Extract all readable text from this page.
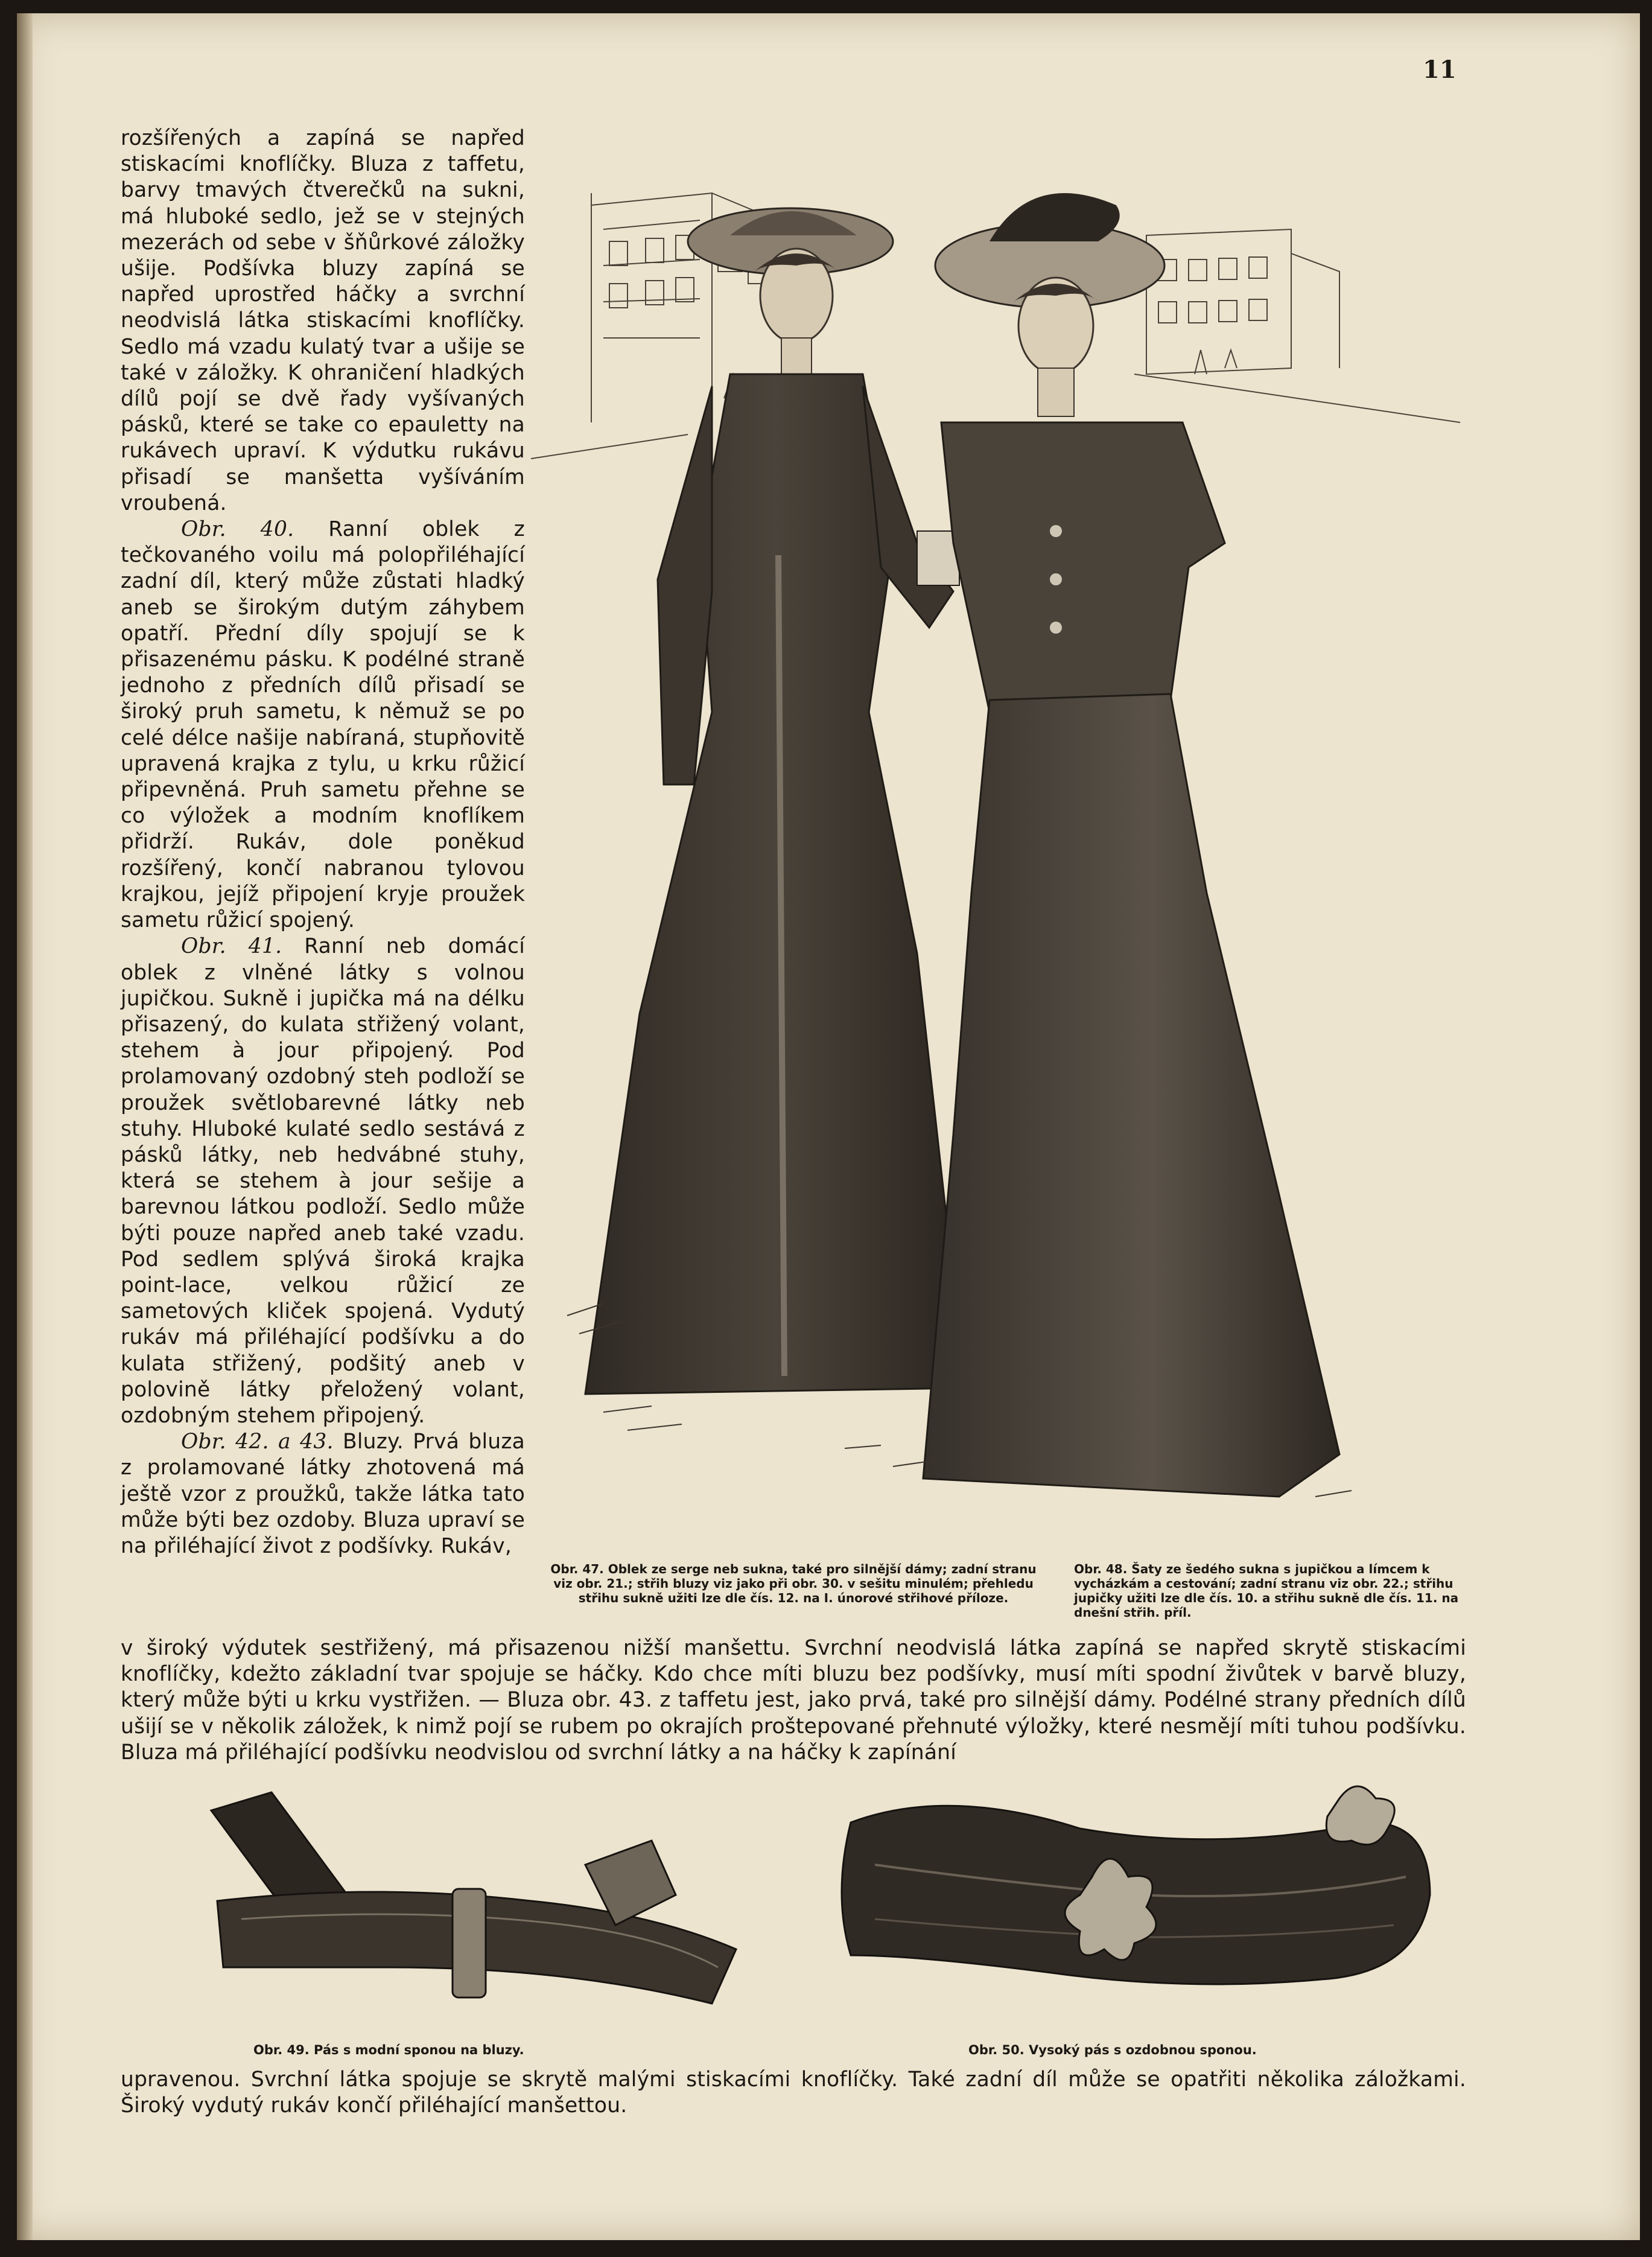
11

rozšířených a zapíná se napřed stiskacími knoflíčky. Bluza z taffetu, barvy tmavých čtverečků na sukni, má hluboké sedlo, jež se v stejných mezerách od sebe v šňůrkové záložky ušije. Podšívka bluzy zapíná se napřed uprostřed háčky a svrchní neodvislá látka stiskacími knoflíčky. Sedlo má vzadu kulatý tvar a ušije se také v záložky. K ohraničení hladkých dílů pojí se dvě řady vyšívaných pásků, které se take co epauletty na rukávech upraví. K výdutku rukávu přisadí se manšetta vyšíváním vroubená.

Obr. 40. Ranní oblek z tečkovaného voilu má polopřiléhající zadní díl, který může zůstati hladký aneb se širokým dutým záhybem opatří. Přední díly spojují se k přisazenému pásku. K podélné straně jednoho z předních dílů přisadí se široký pruh sametu, k němuž se po celé délce našije nabíraná, stupňovitě upravená krajka z tylu, u krku růžicí připevněná. Pruh sametu přehne se co výložek a modním knoflíkem přidrží. Rukáv, dole poněkud rozšířený, končí nabranou tylovou krajkou, jejíž připojení kryje proužek sametu růžicí spojený.

Obr. 41. Ranní neb domácí oblek z vlněné látky s volnou jupičkou. Sukně i jupička má na délku přisazený, do kulata střižený volant, stehem à jour připojený. Pod prolamovaný ozdobný steh podloží se proužek světlobarevné látky neb stuhy. Hluboké kulaté sedlo sestává z pásků látky, neb hedvábné stuhy, která se stehem à jour sešije a barevnou látkou podloží. Sedlo může býti pouze napřed aneb také vzadu. Pod sedlem splývá široká krajka point-lace, velkou růžicí ze sametových kliček spojená. Vydutý rukáv má přiléhající podšívku a do kulata střižený, podšitý aneb v polovině látky přeložený volant, ozdobným stehem připojený.

Obr. 42. a 43. Bluzy. Prvá bluza z prolamované látky zhotovená má ještě vzor z proužků, takže látka tato může býti bez ozdoby. Bluza upraví se na přiléhající život z podšívky. Rukáv,

Obr. 47. Oblek ze serge neb sukna, také pro silnější dámy; zadní stranu viz obr. 21.; střih bluzy viz jako při obr. 30. v sešitu minulém; přehledu střihu sukně užiti lze dle čís. 12. na I. únorové střihové příloze.
Obr. 48. Šaty ze šedého sukna s jupičkou a límcem k vycházkám a cestování; zadní stranu viz obr. 22.; střihu jupičky užiti lze dle čís. 10. a střihu sukně dle čís. 11. na dnešní střih. příl.
v široký výdutek sestřižený, má přisazenou nižší manšettu. Svrchní neodvislá látka zapíná se napřed skrytě stiskacími knoflíčky, kdežto základní tvar spojuje se háčky. Kdo chce míti bluzu bez podšívky, musí míti spodní živůtek v barvě bluzy, který může býti u krku vystřižen. — Bluza obr. 43. z taffetu jest, jako prvá, také pro silnější dámy. Podélné strany předních dílů ušijí se v několik záložek, k nimž pojí se rubem po okrajích proštepované přehnuté výložky, které nesmějí míti tuhou podšívku. Bluza má přiléhající podšívku neodvislou od svrchní látky a na háčky k zapínání
Obr. 49. Pás s modní sponou na bluzy.	Obr. 50. Vysoký pás s ozdobnou sponou.
upravenou. Svrchní látka spojuje se skrytě malými stiskacími knoflíčky. Také zadní díl může se opatřiti několika záložkami. Široký vydutý rukáv končí přiléhající manšettou.
